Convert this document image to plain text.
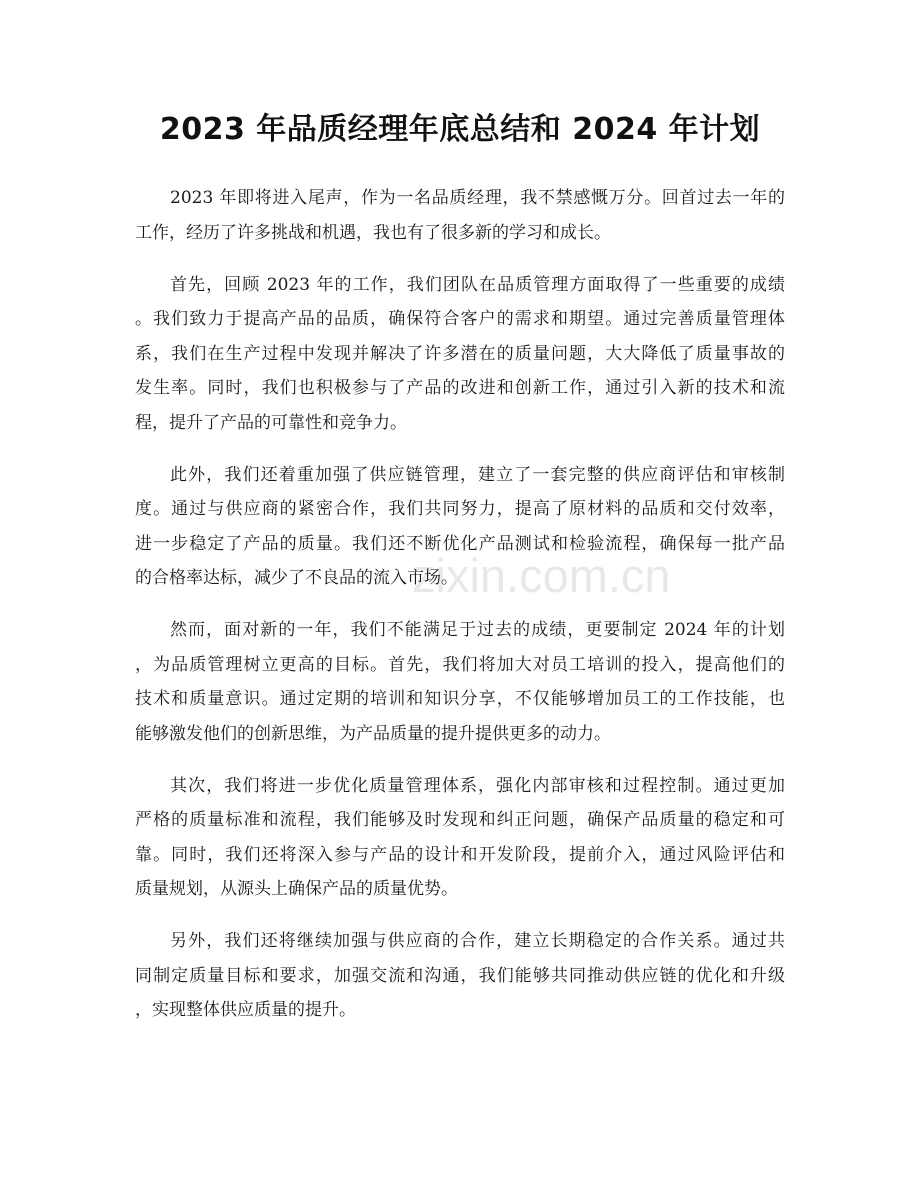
2023 年品质经理年底总结和 2024 年计划
2023 年即将进入尾声，作为一名品质经理，我不禁感慨万分。回首过去一年的
工作，经历了许多挑战和机遇，我也有了很多新的学习和成长。
首先，回顾 2023 年的工作，我们团队在品质管理方面取得了一些重要的成绩
。我们致力于提高产品的品质，确保符合客户的需求和期望。通过完善质量管理体
系，我们在生产过程中发现并解决了许多潜在的质量问题，大大降低了质量事故的
发生率。同时，我们也积极参与了产品的改进和创新工作，通过引入新的技术和流
程，提升了产品的可靠性和竞争力。
此外，我们还着重加强了供应链管理，建立了一套完整的供应商评估和审核制
度。通过与供应商的紧密合作，我们共同努力，提高了原材料的品质和交付效率，
进一步稳定了产品的质量。我们还不断优化产品测试和检验流程，确保每一批产品
的合格率达标，减少了不良品的流入市场。
然而，面对新的一年，我们不能满足于过去的成绩，更要制定 2024 年的计划
，为品质管理树立更高的目标。首先，我们将加大对员工培训的投入，提高他们的
技术和质量意识。通过定期的培训和知识分享，不仅能够增加员工的工作技能，也
能够激发他们的创新思维，为产品质量的提升提供更多的动力。
其次，我们将进一步优化质量管理体系，强化内部审核和过程控制。通过更加
严格的质量标准和流程，我们能够及时发现和纠正问题，确保产品质量的稳定和可
靠。同时，我们还将深入参与产品的设计和开发阶段，提前介入，通过风险评估和
质量规划，从源头上确保产品的质量优势。
另外，我们还将继续加强与供应商的合作，建立长期稳定的合作关系。通过共
同制定质量目标和要求，加强交流和沟通，我们能够共同推动供应链的优化和升级
，实现整体供应质量的提升。
zixin.com.cn
